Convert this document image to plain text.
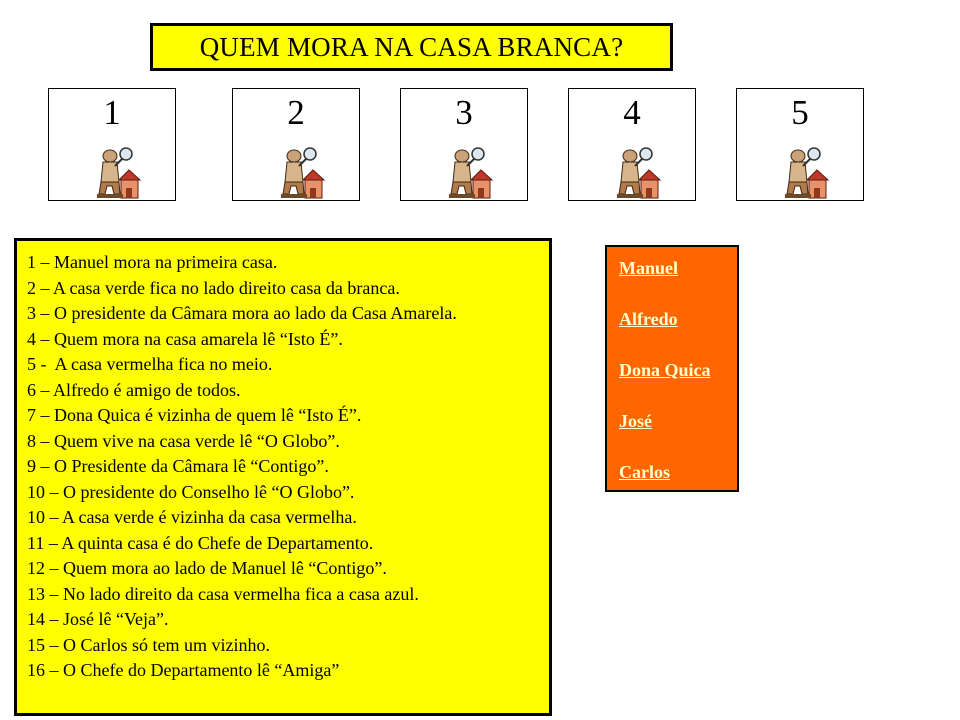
QUEM MORA NA CASA BRANCA?
1	2	3	4	5

1 – Manuel mora na primeira casa.

2 – A casa verde fica no lado direito casa da branca.

3 – O presidente da Câmara mora ao lado da Casa Amarela.

4 – Quem mora na casa amarela lê “Isto É”.

5 -  A casa vermelha fica no meio.

6 – Alfredo é amigo de todos.

7 – Dona Quica é vizinha de quem lê “Isto É”.

8 – Quem vive na casa verde lê “O Globo”.

9 – O Presidente da Câmara lê “Contigo”.

10 – O presidente do Conselho lê “O Globo”.

10 – A casa verde é vizinha da casa vermelha.

11 – A quinta casa é do Chefe de Departamento.

12 – Quem mora ao lado de Manuel lê “Contigo”.

13 – No lado direito da casa vermelha fica a casa azul.

14 – José lê “Veja”.

15 – O Carlos só tem um vizinho.

16 – O Chefe do Departamento lê “Amiga”

Manuel
Alfredo
Dona Quica
José
Carlos
